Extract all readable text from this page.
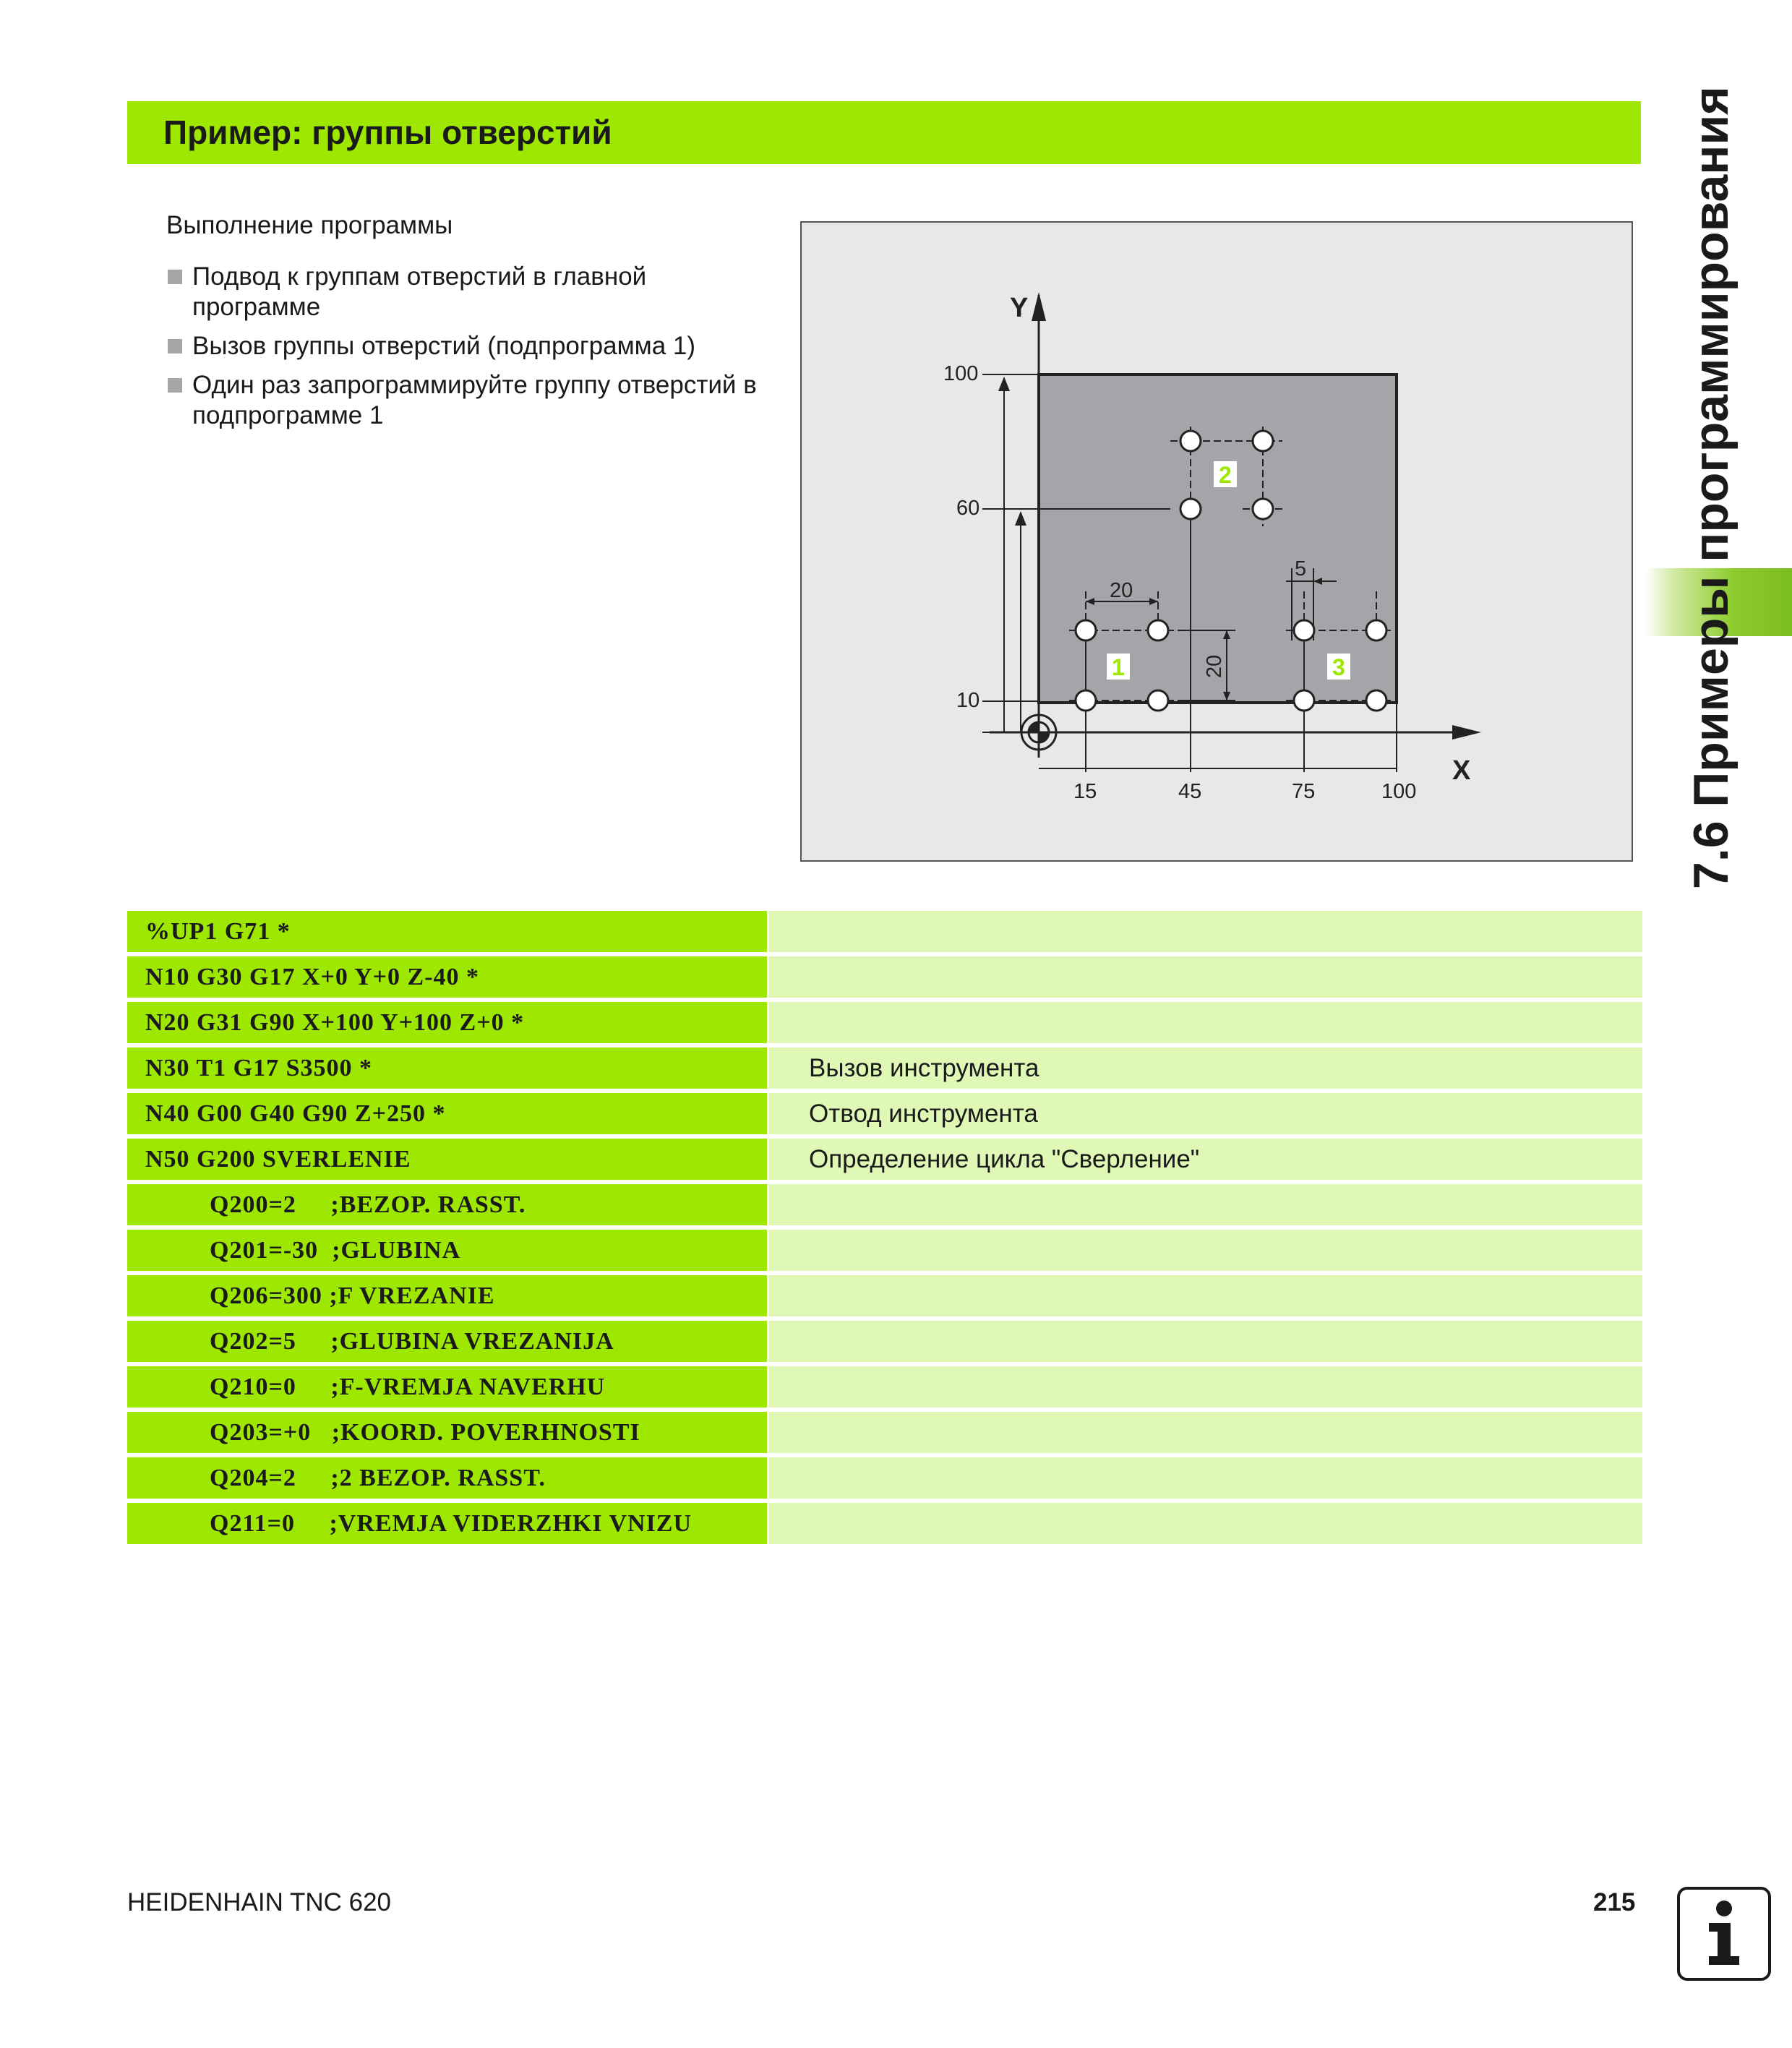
Пример: группы отверстий
Выполнение программы
Подвод к группам отверстий в главной программе
Вызов группы отверстий (подпрограмма 1)
Один раз запрограммируйте группу отверстий в подпрограмме 1
Y
X
100
60
10
15	45	75	100
20
20
5
1
2
3	7.6 Примеры программирования
%UP1 G71 *
N10 G30 G17 X+0 Y+0 Z-40 *
N20 G31 G90 X+100 Y+100 Z+0 *
N30 T1 G17 S3500 *	Вызов инструмента
N40 G00 G40 G90 Z+250 *	Отвод инструмента
N50 G200 SVERLENIE	Определение цикла "Сверление"
Q200=2     ;BEZOP. RASST.
Q201=-30  ;GLUBINA
Q206=300 ;F VREZANIE
Q202=5     ;GLUBINA VREZANIJA
Q210=0     ;F-VREMJA NAVERHU
Q203=+0   ;KOORD. POVERHNOSTI
Q204=2     ;2 BEZOP. RASST.
Q211=0     ;VREMJA VIDERZHKI VNIZU
HEIDENHAIN TNC 620	215
